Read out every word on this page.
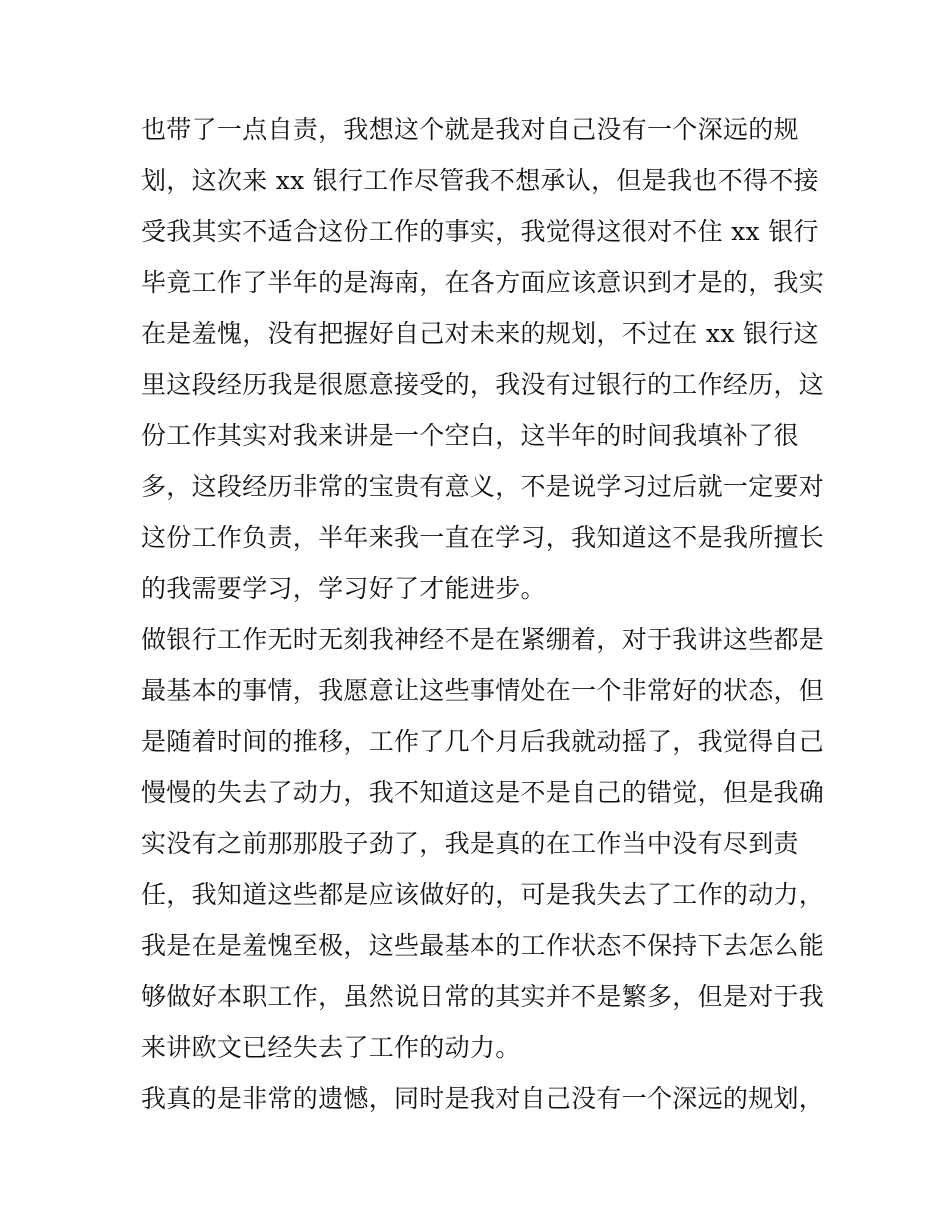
也带了一点自责，我想这个就是我对自己没有一个深远的规
划，这次来 xx 银行工作尽管我不想承认，但是我也不得不接
受我其实不适合这份工作的事实，我觉得这很对不住 xx 银行
毕竟工作了半年的是海南，在各方面应该意识到才是的，我实
在是羞愧，没有把握好自己对未来的规划，不过在 xx 银行这
里这段经历我是很愿意接受的，我没有过银行的工作经历，这
份工作其实对我来讲是一个空白，这半年的时间我填补了很
多，这段经历非常的宝贵有意义，不是说学习过后就一定要对
这份工作负责，半年来我一直在学习，我知道这不是我所擅长
的我需要学习，学习好了才能进步。
做银行工作无时无刻我神经不是在紧绷着，对于我讲这些都是
最基本的事情，我愿意让这些事情处在一个非常好的状态，但
是随着时间的推移，工作了几个月后我就动摇了，我觉得自己
慢慢的失去了动力，我不知道这是不是自己的错觉，但是我确
实没有之前那那股子劲了，我是真的在工作当中没有尽到责
任，我知道这些都是应该做好的，可是我失去了工作的动力，
我是在是羞愧至极，这些最基本的工作状态不保持下去怎么能
够做好本职工作，虽然说日常的其实并不是繁多，但是对于我
来讲欧文已经失去了工作的动力。
我真的是非常的遗憾，同时是我对自己没有一个深远的规划，
